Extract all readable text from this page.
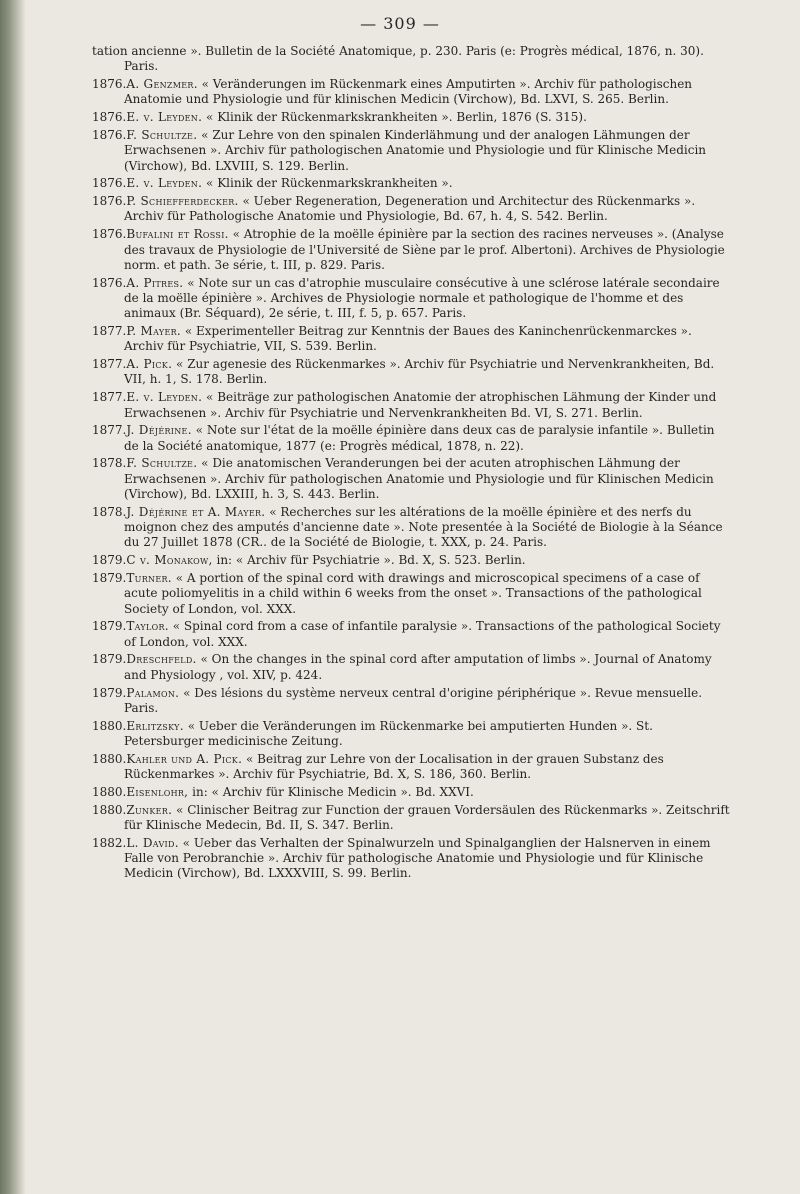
— 309 —

tation ancienne ». Bulletin de la Société Anatomique, p. 230. Paris (e: Progrès médical, 1876, n. 30). Paris.

1876.A. Genzmer. « Veränderungen im Rückenmark eines Amputirten ». Archiv für pathologischen Anatomie und Physiologie und für klinischen Medicin (Virchow), Bd. LXVI, S. 265. Berlin.

1876.E. v. Leyden. « Klinik der Rückenmarkskrankheiten ». Berlin, 1876 (S. 315).

1876.F. Schultze. « Zur Lehre von den spinalen Kinderlähmung und der analogen Lähmungen der Erwachsenen ». Archiv für pathologischen Anatomie und Physiologie und für Klinische Medicin (Virchow), Bd. LXVIII, S. 129. Berlin.

1876.E. v. Leyden. « Klinik der Rückenmarkskrankheiten ».

1876.P. Schiefferdecker. « Ueber Regeneration, Degeneration und Architectur des Rückenmarks ». Archiv für Pathologische Anatomie und Physiologie, Bd. 67, h. 4, S. 542. Berlin.

1876.Bufalini et Rossi. « Atrophie de la moëlle épinière par la section des racines nerveuses ». (Analyse des travaux de Physiologie de l'Université de Siène par le prof. Albertoni). Archives de Physiologie norm. et path. 3e série, t. III, p. 829. Paris.

1876.A. Pitres. « Note sur un cas d'atrophie musculaire consécutive à une sclérose latérale secondaire de la moëlle épinière ». Archives de Physiologie normale et pathologique de l'homme et des animaux (Br. Séquard), 2e série, t. III, f. 5, p. 657. Paris.

1877.P. Mayer. « Experimenteller Beitrag zur Kenntnis der Baues des Kaninchenrückenmarckes ». Archiv für Psychiatrie, VII, S. 539. Berlin.

1877.A. Pick. « Zur agenesie des Rückenmarkes ». Archiv für Psychiatrie und Nervenkrankheiten, Bd. VII, h. 1, S. 178. Berlin.

1877.E. v. Leyden. « Beiträge zur pathologischen Anatomie der atrophischen Lähmung der Kinder und Erwachsenen ». Archiv für Psychiatrie und Nervenkrankheiten Bd. VI, S. 271. Berlin.

1877.J. Déjérine. « Note sur l'état de la moëlle épinière dans deux cas de paralysie infantile ». Bulletin de la Société anatomique, 1877 (e: Progrès médical, 1878, n. 22).

1878.F. Schultze. « Die anatomischen Veranderungen bei der acuten atrophischen Lähmung der Erwachsenen ». Archiv für pathologischen Anatomie und Physiologie und für Klinischen Medicin (Virchow), Bd. LXXIII, h. 3, S. 443. Berlin.

1878.J. Déjérine et A. Mayer. « Recherches sur les altérations de la moëlle épinière et des nerfs du moignon chez des amputés d'ancienne date ». Note presentée à la Société de Biologie à la Séance du 27 Juillet 1878 (CR.. de la Société de Biologie, t. XXX, p. 24. Paris.

1879.C v. Monakow, in: « Archiv für Psychiatrie ». Bd. X, S. 523. Berlin.

1879.Turner. « A portion of the spinal cord with drawings and microscopical specimens of a case of acute poliomyelitis in a child within 6 weeks from the onset ». Transactions of the pathological Society of London, vol. XXX.

1879.Taylor. « Spinal cord from a case of infantile paralysie ». Transactions of the pathological Society of London, vol. XXX.

1879.Dreschfeld. « On the changes in the spinal cord after amputation of limbs ». Journal of Anatomy and Physiology , vol. XIV, p. 424.

1879.Palamon. « Des lésions du système nerveux central d'origine périphérique ». Revue mensuelle. Paris.

1880.Erlitzsky. « Ueber die Veränderungen im Rückenmarke bei amputierten Hunden ». St. Petersburger medicinische Zeitung.

1880.Kahler und A. Pick. « Beitrag zur Lehre von der Localisation in der grauen Substanz des Rückenmarkes ». Archiv für Psychiatrie, Bd. X, S. 186, 360. Berlin.

1880.Eisenlohr, in: « Archiv für Klinische Medicin ». Bd. XXVI.

1880.Zunker. « Clinischer Beitrag zur Function der grauen Vordersäulen des Rückenmarks ». Zeitschrift für Klinische Medecin, Bd. II, S. 347. Berlin.

1882.L. David. « Ueber das Verhalten der Spinalwurzeln und Spinalganglien der Halsnerven in einem Falle von Perobranchie ». Archiv für pathologische Anatomie und Physiologie und für Klinische Medicin (Virchow), Bd. LXXXVIII, S. 99. Berlin.
